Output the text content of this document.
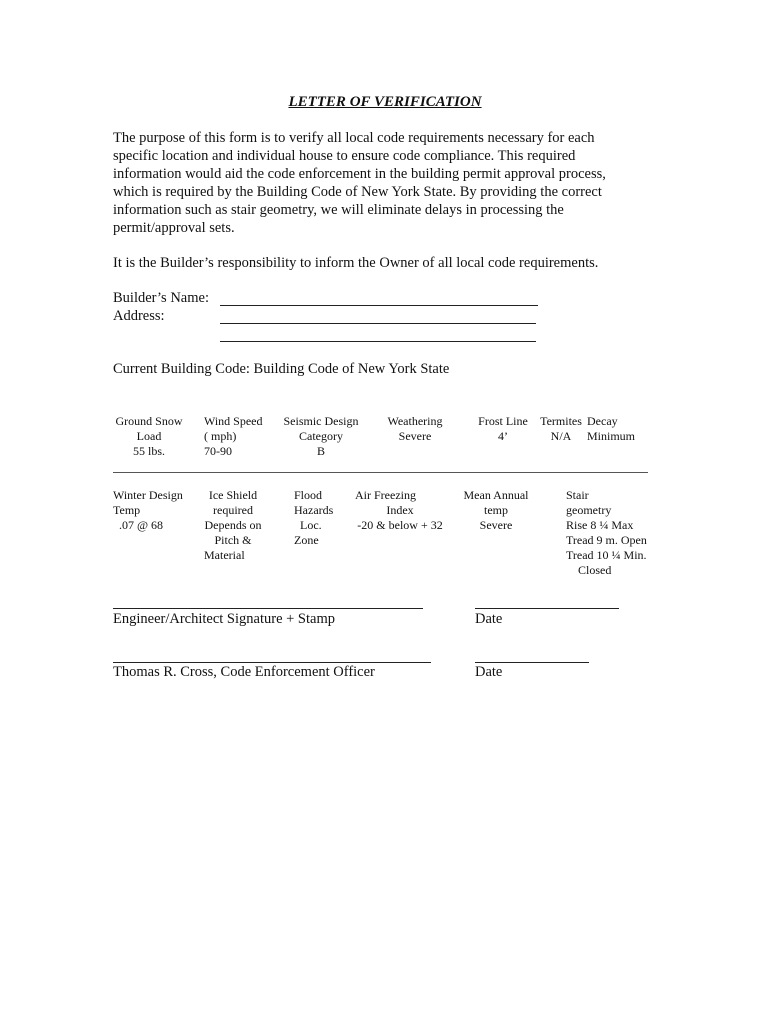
LETTER OF VERIFICATION

The purpose of this form is to verify all local code requirements necessary for each

specific location and individual house to ensure code compliance. This required

information would aid the code enforcement in the building permit approval process,

which is required by the Building Code of New York State. By providing the correct

information such as stair geometry, we will eliminate delays in processing the

permit/approval sets.

It is the Builder’s responsibility to inform the Owner of all local code requirements.

Builder’s Name:
Address:
Current Building Code: Building Code of New York State
Ground Snow
Load
55 lbs.
Wind Speed
( mph)
70-90
Seismic Design
Category
B
Weathering
Severe
Frost Line
4’
Termites
N/A
Decay
Minimum
Winter Design
Temp
.07 @ 68
Ice Shield
required
Depends on
Pitch &
Material
Flood
Hazards
Loc.
Zone
Air Freezing
Index
-20 & below + 32
Mean Annual
temp
Severe
Stair
geometry
Rise 8 ¼ Max
Tread 9 m. Open
Tread 10 ¼ Min.
Closed
Engineer/Architect Signature + Stamp	Date
Thomas R. Cross, Code Enforcement Officer	Date
